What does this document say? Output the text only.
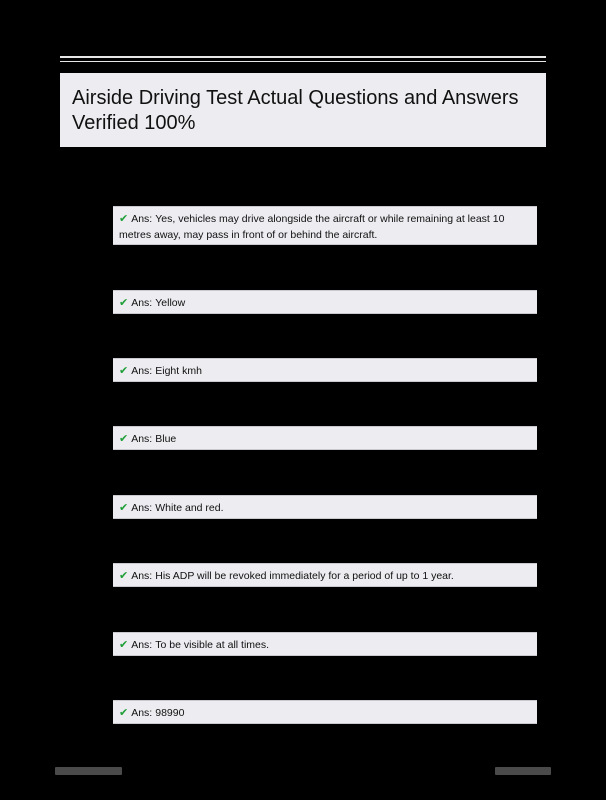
Airside Driving Test Actual Questions and Answers Verified 100%
✔ Ans: Yes, vehicles may drive alongside the aircraft or while remaining at least 10 metres away, may pass in front of or behind the aircraft.
✔ Ans: Yellow
✔ Ans: Eight kmh
✔ Ans: Blue
✔ Ans: White and red.
✔ Ans: His ADP will be revoked immediately for a period of up to 1 year.
✔ Ans: To be visible at all times.
✔ Ans: 98990
